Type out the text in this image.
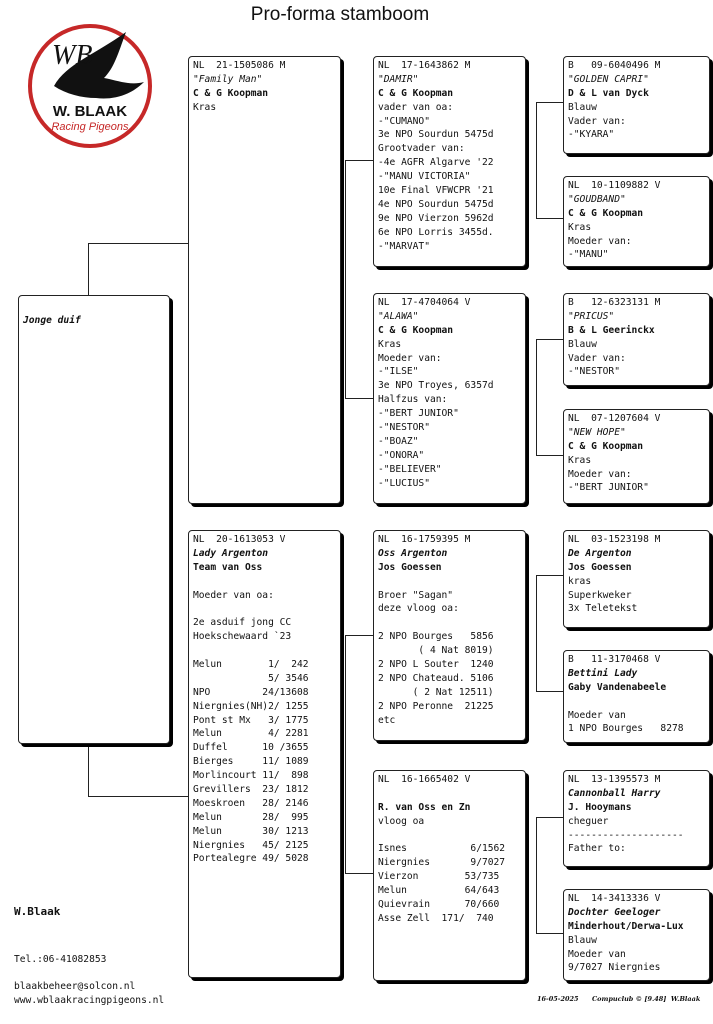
Pro-forma stamboom
WB
W. BLAAK
Racing Pigeons
Jonge duif
NL  21-1505086 M
"Family Man"
C & G Koopman
Kras
NL  20-1613053 V
Lady Argenton
Team van Oss
Moeder van oa:
2e asduif jong CC
Hoekschewaard `23
Melun        1/  242
5/ 3546
NPO         24/13608
Niergnies(NH)2/ 1255
Pont st Mx   3/ 1775
Melun        4/ 2281
Duffel      10 /3655
Bierges     11/ 1089
Morlincourt 11/  898
Grevillers  23/ 1812
Moeskroen   28/ 2146
Melun       28/  995
Melun       30/ 1213
Niergnies   45/ 2125
Portealegre 49/ 5028
NL  17-1643862 M
"DAMIR"
C & G Koopman
vader van oa:
-"CUMANO"
3e NPO Sourdun 5475d
Grootvader van:
-4e AGFR Algarve '22
-"MANU VICTORIA"
10e Final VFWCPR '21
4e NPO Sourdun 5475d
9e NPO Vierzon 5962d
6e NPO Lorris 3455d.
-"MARVAT"
NL  17-4704064 V
"ALAWA"
C & G Koopman
Kras
Moeder van:
-"ILSE"
3e NPO Troyes, 6357d
Halfzus van:
-"BERT JUNIOR"
-"NESTOR"
-"BOAZ"
-"ONORA"
-"BELIEVER"
-"LUCIUS"
NL  16-1759395 M
Oss Argenton
Jos Goessen
Broer "Sagan"
deze vloog oa:
2 NPO Bourges   5856
( 4 Nat 8019)
2 NPO L Souter  1240
2 NPO Chateaud. 5106
( 2 Nat 12511)
2 NPO Peronne  21225
etc
NL  16-1665402 V
R. van Oss en Zn
vloog oa
Isnes           6/1562
Niergnies       9/7027
Vierzon        53/735
Melun          64/643
Quievrain      70/660
Asse Zell  171/  740
B   09-6040496 M
"GOLDEN CAPRI"
D & L van Dyck
Blauw
Vader van:
-"KYARA"
NL  10-1109882 V
"GOUDBAND"
C & G Koopman
Kras
Moeder van:
-"MANU"
B   12-6323131 M
"PRICUS"
B & L Geerinckx
Blauw
Vader van:
-"NESTOR"
NL  07-1207604 V
"NEW HOPE"
C & G Koopman
Kras
Moeder van:
-"BERT JUNIOR"
NL  03-1523198 M
De Argenton
Jos Goessen
kras
Superkweker
3x Teletekst
B   11-3170468 V
Bettini Lady
Gaby Vandenabeele
Moeder van
1 NPO Bourges   8278
NL  13-1395573 M
Cannonball Harry
J. Hooymans
cheguer
--------------------
Father to:
NL  14-3413336 V
Dochter Geeloger
Minderhout/Derwa-Lux
Blauw
Moeder van
9/7027 Niergnies
W.Blaak
Tel.:06-41082853
blaakbeheer@solcon.nl
www.wblaakracingpigeons.nl	16-05-2025 Compuclub © [9.48]  W.Blaak
